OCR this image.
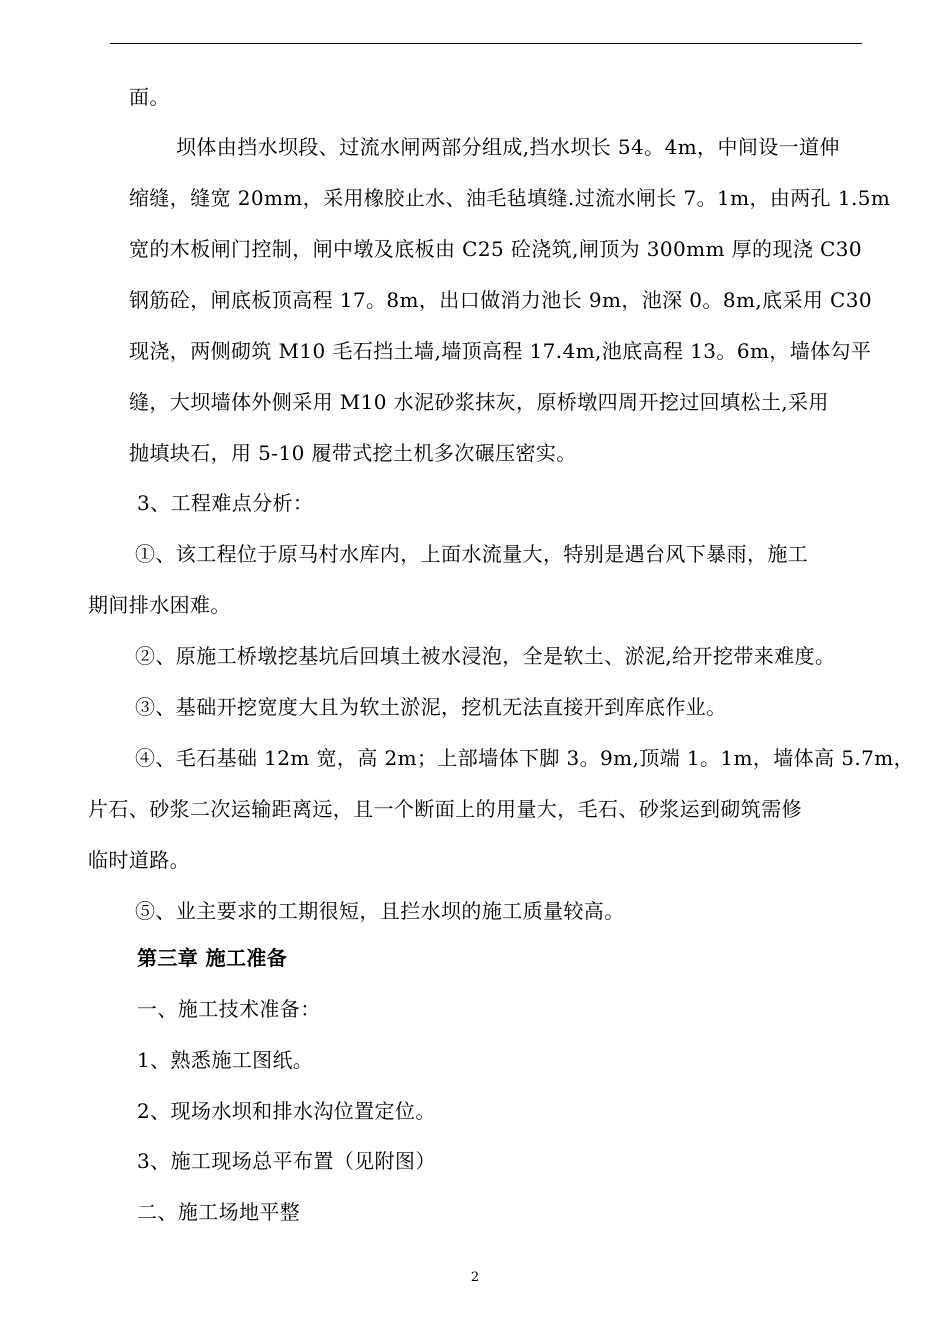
面。

坝体由挡水坝段、过流水闸两部分组成,挡水坝长 54。4m，中间设一道伸
缩缝，缝宽 20mm，采用橡胶止水、油毛毡填缝.过流水闸长 7。1m，由两孔 1.5m
宽的木板闸门控制，闸中墩及底板由 C25 砼浇筑,闸顶为 300mm 厚的现浇 C30
钢筋砼，闸底板顶高程 17。8m，出口做消力池长 9m，池深 0。8m,底采用 C30
现浇，两侧砌筑 M10 毛石挡土墙,墙顶高程 17.4m,池底高程 13。6m，墙体勾平
缝，大坝墙体外侧采用 M10 水泥砂浆抹灰，原桥墩四周开挖过回填松土,采用
抛填块石，用 5-10 履带式挖土机多次碾压密实。

3、工程难点分析：

①、该工程位于原马村水库内，上面水流量大，特别是遇台风下暴雨，施工
期间排水困难。

②、原施工桥墩挖基坑后回填土被水浸泡，全是软土、淤泥,给开挖带来难度。

③、基础开挖宽度大且为软土淤泥，挖机无法直接开到库底作业。

④、毛石基础 12m 宽，高 2m；上部墙体下脚 3。9m,顶端 1。1m，墙体高 5.7m，
片石、砂浆二次运输距离远，且一个断面上的用量大，毛石、砂浆运到砌筑需修
临时道路。

⑤、业主要求的工期很短，且拦水坝的施工质量较高。

第三章 施工准备

一、施工技术准备：

1、熟悉施工图纸。

2、现场水坝和排水沟位置定位。

3、施工现场总平布置（见附图）

二、施工场地平整

2
